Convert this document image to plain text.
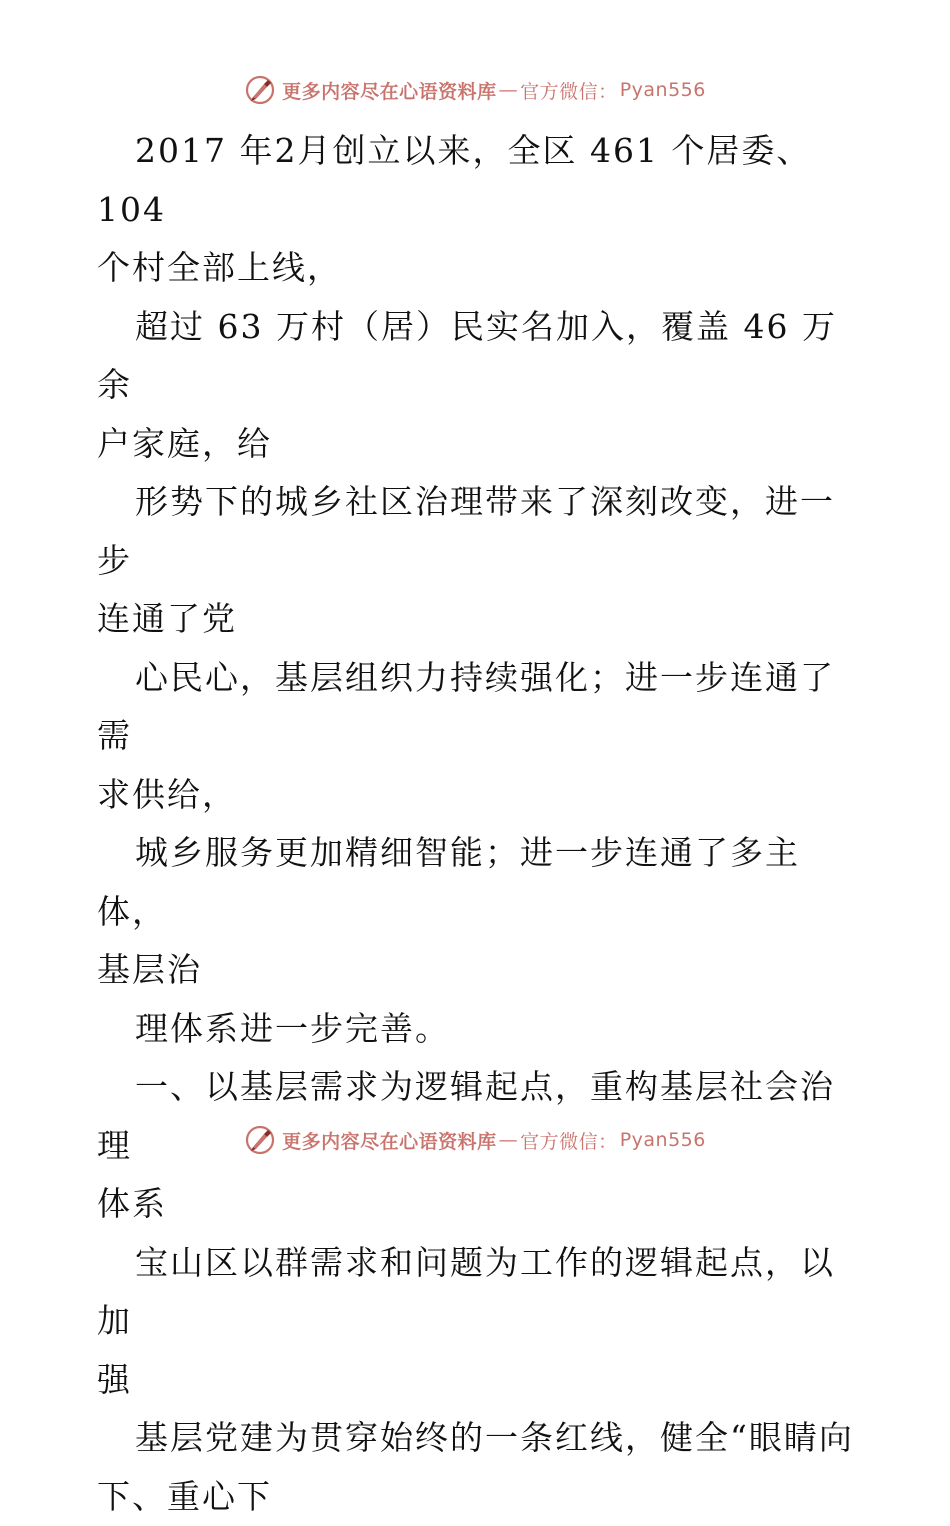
更多内容尽在心语资料库 — 官方微信： Pyan556

2017 年2月创立以来，全区 461 个居委、104
个村全部上线，

超过 63 万村（居）民实名加入，覆盖 46 万余
户家庭，给

形势下的城乡社区治理带来了深刻改变，进一步
连通了党

心民心，基层组织力持续强化；进一步连通了需
求供给，

城乡服务更加精细智能；进一步连通了多主体，
基层治

理体系进一步完善。

一、以基层需求为逻辑起点，重构基层社会治理
体系

宝山区以群需求和问题为工作的逻辑起点，以加
强

基层党建为贯穿始终的一条红线，健全“眼睛向
下、重心下

更多内容尽在心语资料库 — 官方微信： Pyan556
